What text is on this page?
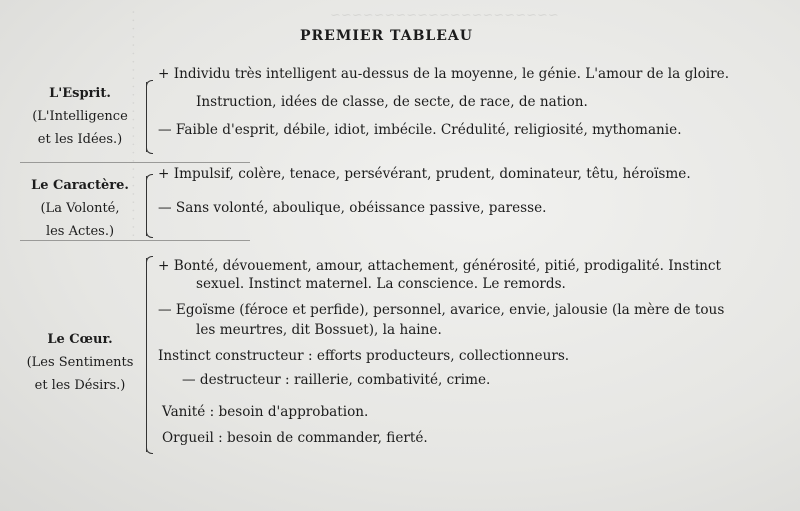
· · · · · · · · · · · · · · · · · · · · · · · · · · · ·	~~~~~~~~~~~~~~~~~~~~~
PREMIER TABLEAU
L'Esprit.
(L'Intelligence
et les Idées.)
+ Individu très intelligent au-dessus de la moyenne, le génie. L'amour de la gloire.
Instruction, idées de classe, de secte, de race, de nation.
— Faible d'esprit, débile, idiot, imbécile. Crédulité, religiosité, mythomanie.
Le Caractère.
(La Volonté,
les Actes.)
+ Impulsif, colère, tenace, persévérant, prudent, dominateur, têtu, héroïsme.
— Sans volonté, aboulique, obéissance passive, paresse.
Le Cœur.
(Les Sentiments
et les Désirs.)
+ Bonté, dévouement, amour, attachement, générosité, pitié, prodigalité. Instinct
sexuel. Instinct maternel. La conscience. Le remords.
— Egoïsme (féroce et perfide), personnel, avarice, envie, jalousie (la mère de tous
les meurtres, dit Bossuet), la haine.
Instinct constructeur : efforts producteurs, collectionneurs.
— destructeur : raillerie, combativité, crime.
Vanité : besoin d'approbation.
Orgueil : besoin de commander, fierté.
